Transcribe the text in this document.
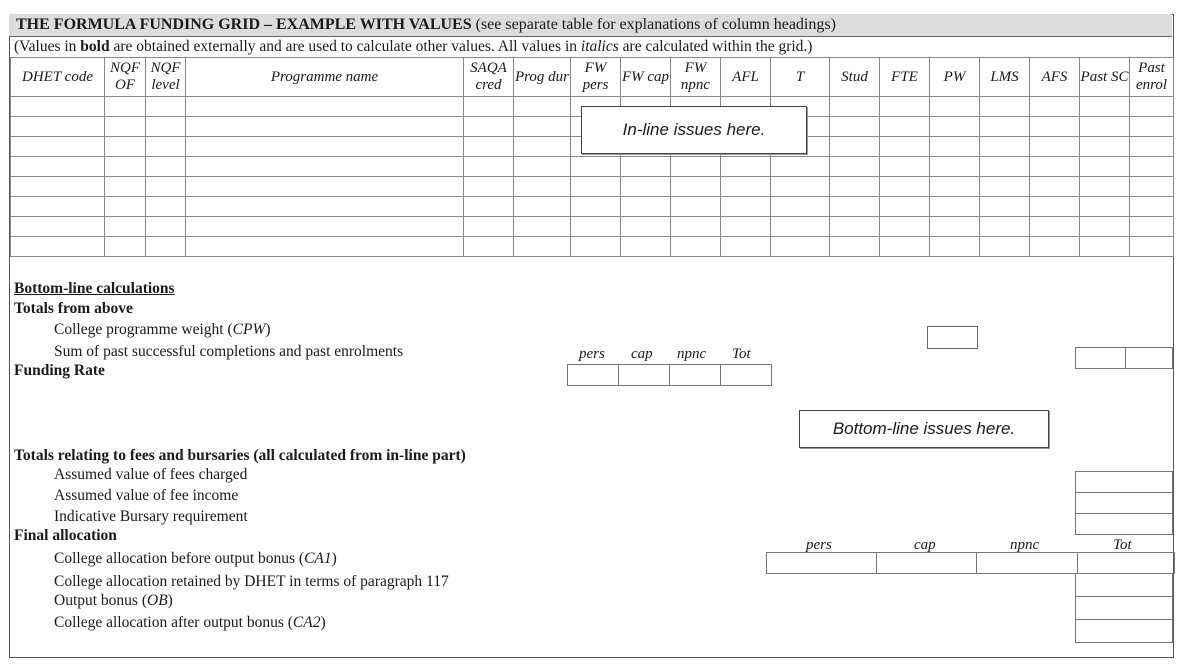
THE FORMULA FUNDING GRID – EXAMPLE WITH VALUES (see separate table for explanations of column headings)
(Values in bold are obtained externally and are used to calculate other values. All values in italics are calculated within the grid.)
DHET code	NQF OF	NQF level	Programme name	SAQA cred	Prog dur	FW pers	FW cap	FW npnc	AFL	T	Stud	FTE	PW	LMS	AFS	Past SC	Past enrol

In-line issues here.
Bottom-line calculations
Totals from above
College programme weight (CPW)
Sum of past successful completions and past enrolments
Funding Rate
pers cap npnc Tot
Bottom-line issues here.
Totals relating to fees and bursaries (all calculated from in-line part)
Assumed value of fees charged
Assumed value of fee income
Indicative Bursary requirement
Final allocation
pers	cap	npnc	Tot
College allocation before output bonus (CA1)
College allocation retained by DHET in terms of paragraph 117
Output bonus (OB)
College allocation after output bonus (CA2)
